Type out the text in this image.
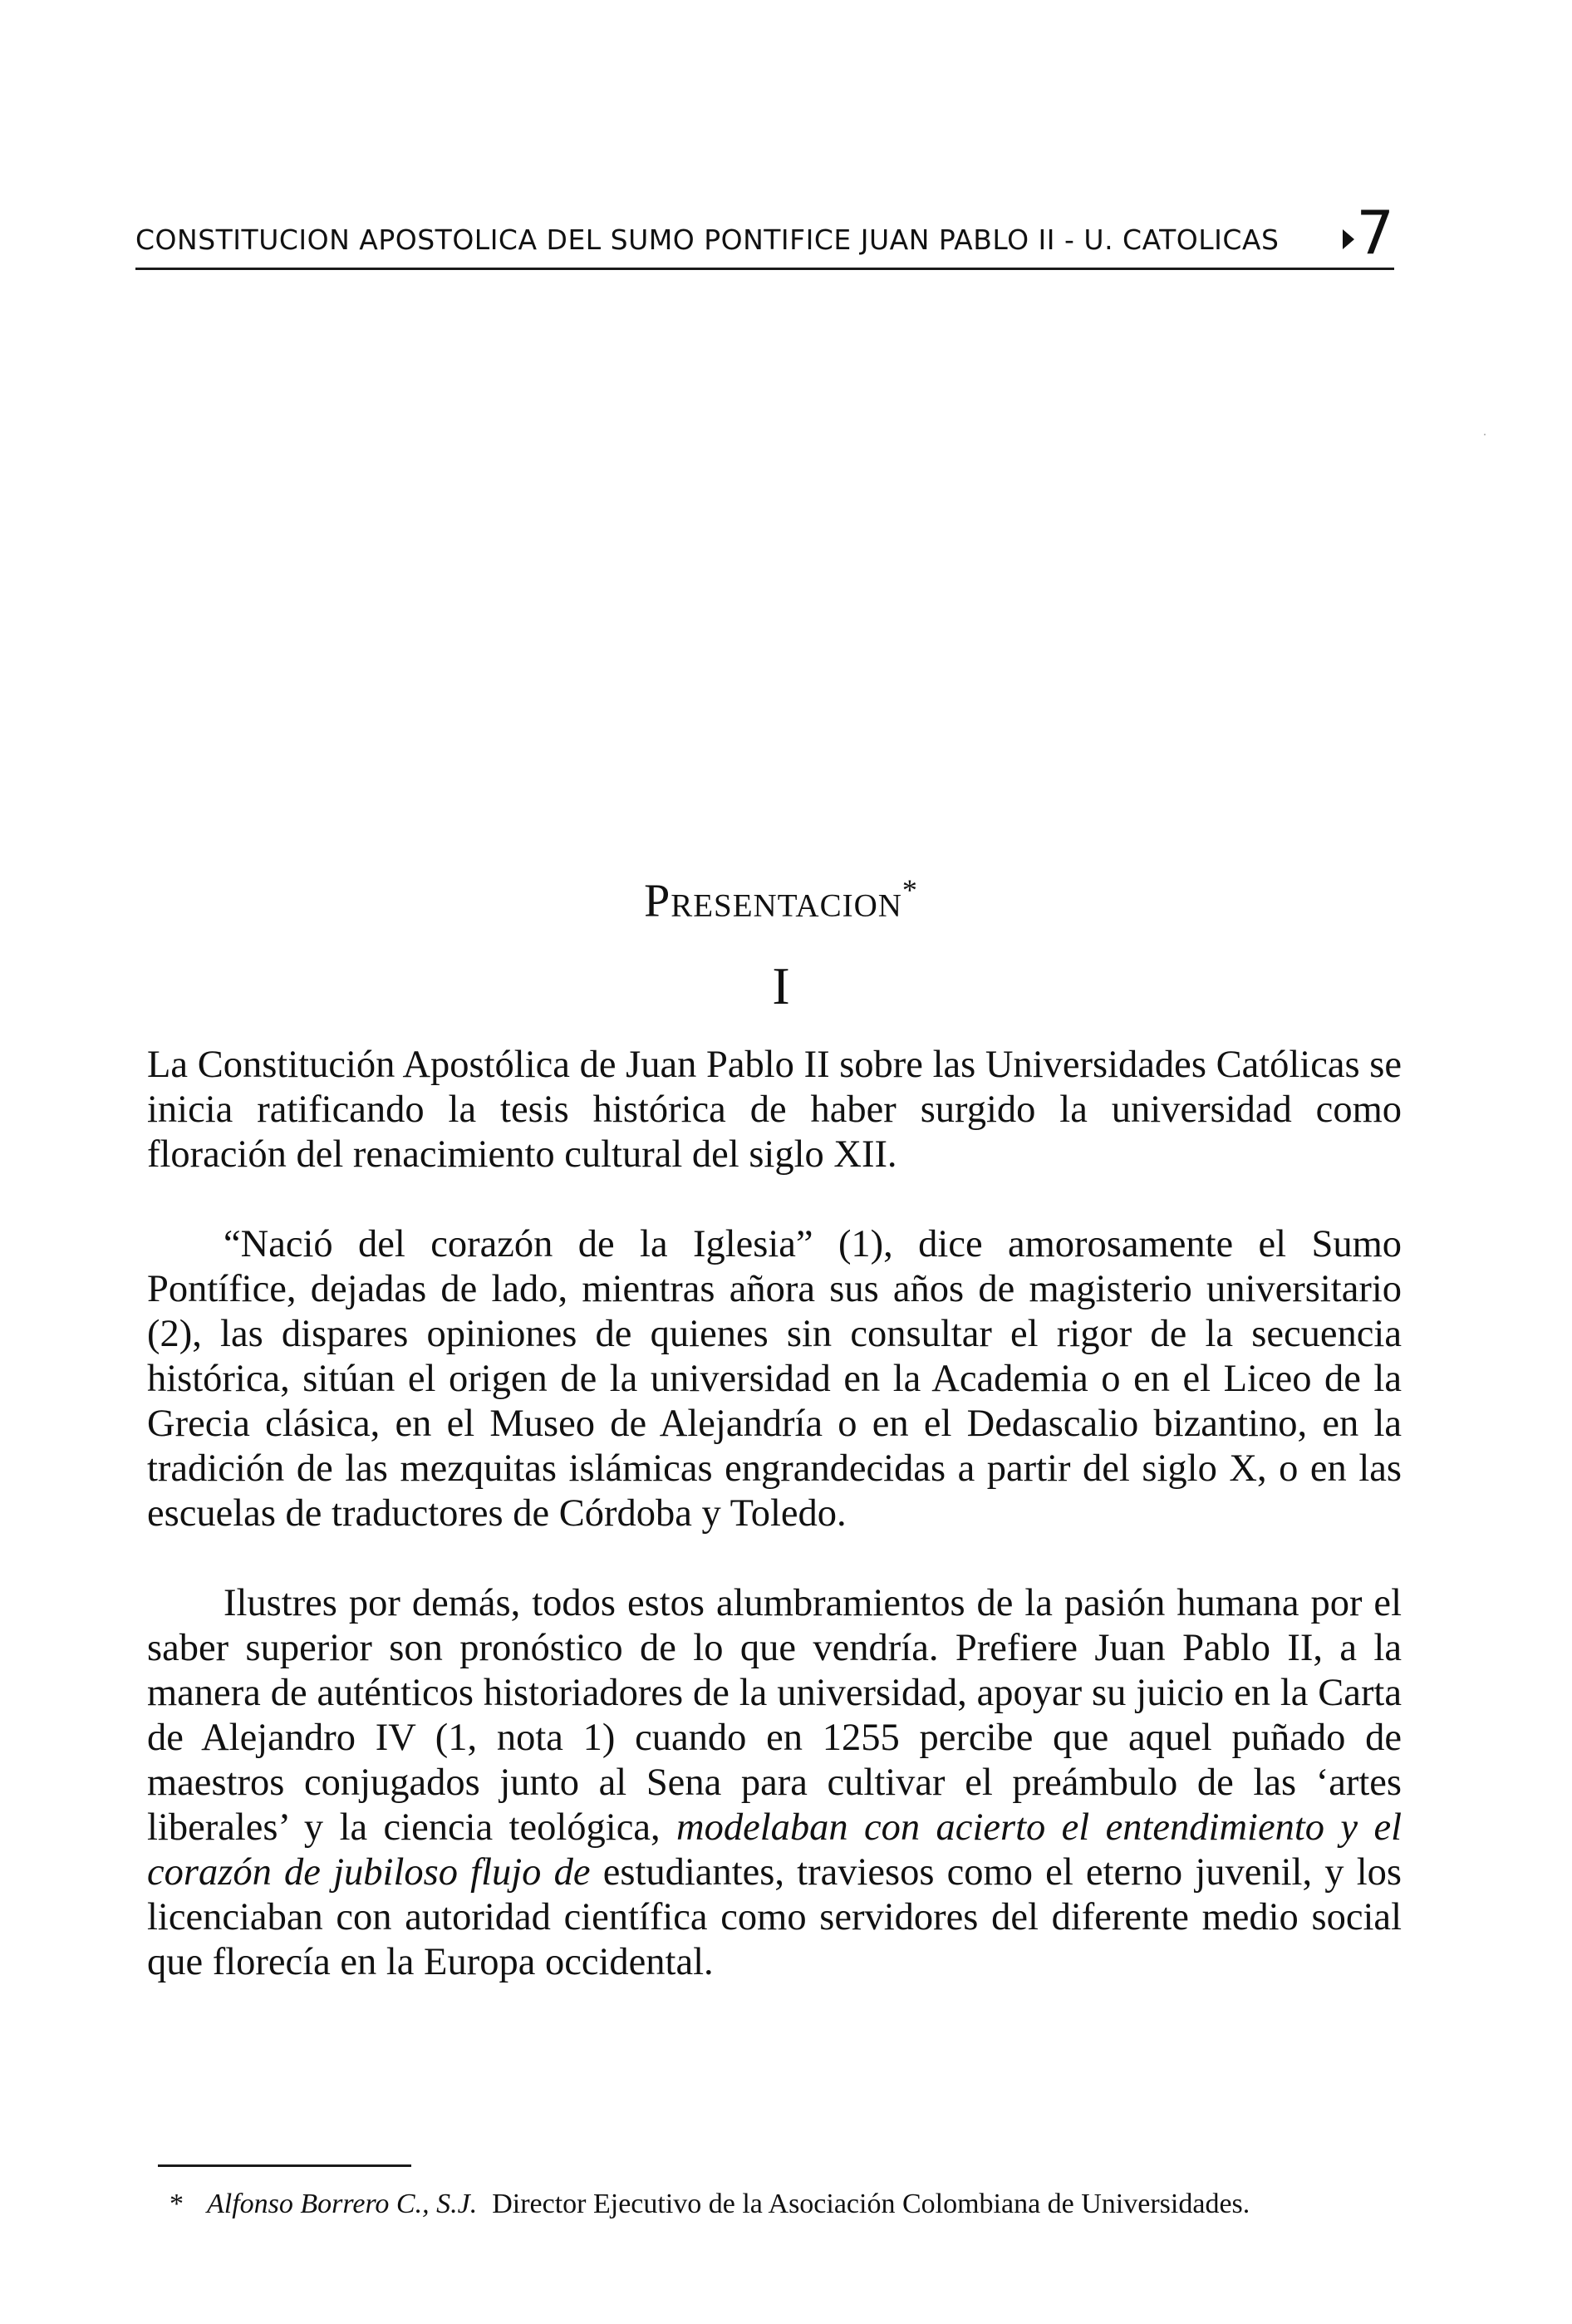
CONSTITUCION APOSTOLICA DEL SUMO PONTIFICE JUAN PABLO II - U. CATOLICAS 7
Presentacion*
I

La Constitución Apostólica de Juan Pablo II sobre las Universidades Católicas se inicia ratificando la tesis histórica de haber surgido la universidad como floración del renacimiento cultural del siglo XII.

“Nació del corazón de la Iglesia” (1), dice amorosamente el Sumo Pontífice, dejadas de lado, mientras añora sus años de magisterio universitario (2), las dispares opiniones de quienes sin consultar el rigor de la secuencia histórica, sitúan el origen de la universidad en la Academia o en el Liceo de la Grecia clásica, en el Museo de Alejandría o en el Dedascalio bizantino, en la tradición de las mezquitas islámicas engrandecidas a partir del siglo X, o en las escuelas de traductores de Córdoba y Toledo.

Ilustres por demás, todos estos alumbramientos de la pasión humana por el saber superior son pronóstico de lo que vendría. Prefiere Juan Pablo II, a la manera de auténticos historiadores de la universidad, apoyar su juicio en la Carta de Alejandro IV (1, nota 1) cuando en 1255 percibe que aquel puñado de maestros conjugados junto al Sena para cultivar el preámbulo de las ‘artes liberales’ y la ciencia teológica, modelaban con acierto el entendimiento y el corazón de jubiloso flujo de estudiantes, traviesos como el eterno juvenil, y los licenciaban con autoridad científica como servidores del diferente medio social que florecía en la Europa occidental.

* Alfonso Borrero C., S.J. Director Ejecutivo de la Asociación Colombiana de Universidades.
